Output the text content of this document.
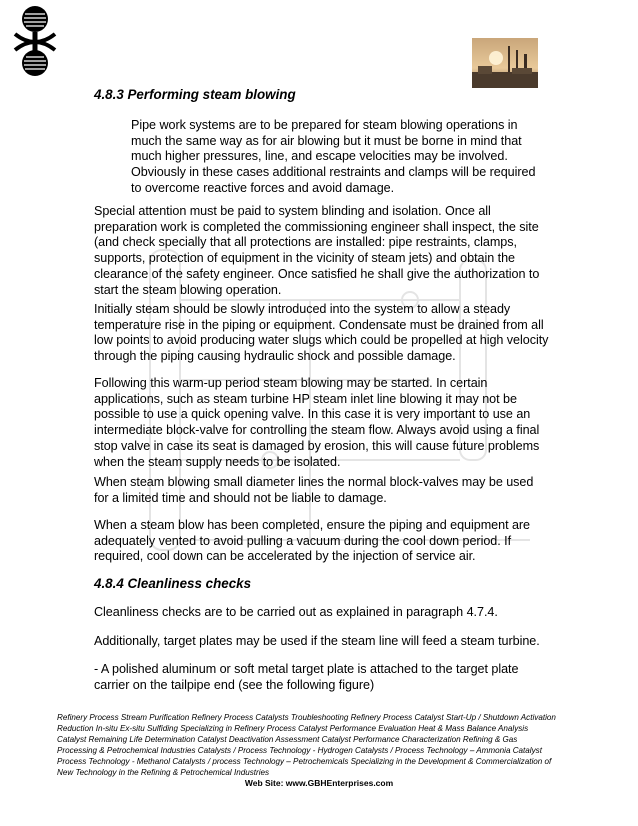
4.8.3 Performing steam blowing

Pipe work systems are to be prepared for steam blowing operations in much the same way as for air blowing but it must be borne in mind that much higher pressures, line, and escape velocities may be involved. Obviously in these cases additional restraints and clamps will be required to overcome reactive forces and avoid damage.

Special attention must be paid to system blinding and isolation. Once all preparation work is completed the commissioning engineer shall inspect, the site (and check specially that all protections are installed: pipe restraints, clamps, supports, protection of equipment in the vicinity of steam jets) and obtain the clearance of the safety engineer. Once satisfied he shall give the authorization to start the steam blowing operation.

Initially steam should be slowly introduced into the system to allow a steady temperature rise in the piping or equipment. Condensate must be drained from all low points to avoid producing water slugs which could be propelled at high velocity through the piping causing hydraulic shock and possible damage.

Following this warm-up period steam blowing may be started. In certain applications, such as steam turbine HP steam inlet line blowing it may not be possible to use a quick opening valve. In this case it is very important to use an intermediate block-valve for controlling the steam flow. Always avoid using a final stop valve in case its seat is damaged by erosion, this will cause future problems when the steam supply needs to be isolated.

When steam blowing small diameter lines the normal block-valves may be used for a limited time and should not be liable to damage.

When a steam blow has been completed, ensure the piping and equipment are adequately vented to avoid pulling a vacuum during the cool down period. If required, cool down can be accelerated by the injection of service air.

4.8.4 Cleanliness checks

Cleanliness checks are to be carried out as explained in paragraph 4.7.4.

Additionally, target plates may be used if the steam line will feed a steam turbine.

- A polished aluminum or soft metal target plate is attached to the target plate carrier on the tailpipe end (see the following figure)

Refinery Process Stream Purification Refinery Process Catalysts Troubleshooting Refinery Process Catalyst Start-Up / Shutdown Activation Reduction In-situ Ex-situ Sulfiding Specializing in Refinery Process Catalyst Performance Evaluation Heat & Mass Balance Analysis Catalyst Remaining Life Determination Catalyst Deactivation Assessment Catalyst Performance Characterization Refining & Gas Processing & Petrochemical Industries Catalysts / Process Technology - Hydrogen Catalysts / Process Technology – Ammonia Catalyst Process Technology - Methanol Catalysts / process Technology – Petrochemicals Specializing in the Development & Commercialization of New Technology in the Refining & Petrochemical Industries

Web Site: www.GBHEnterprises.com
